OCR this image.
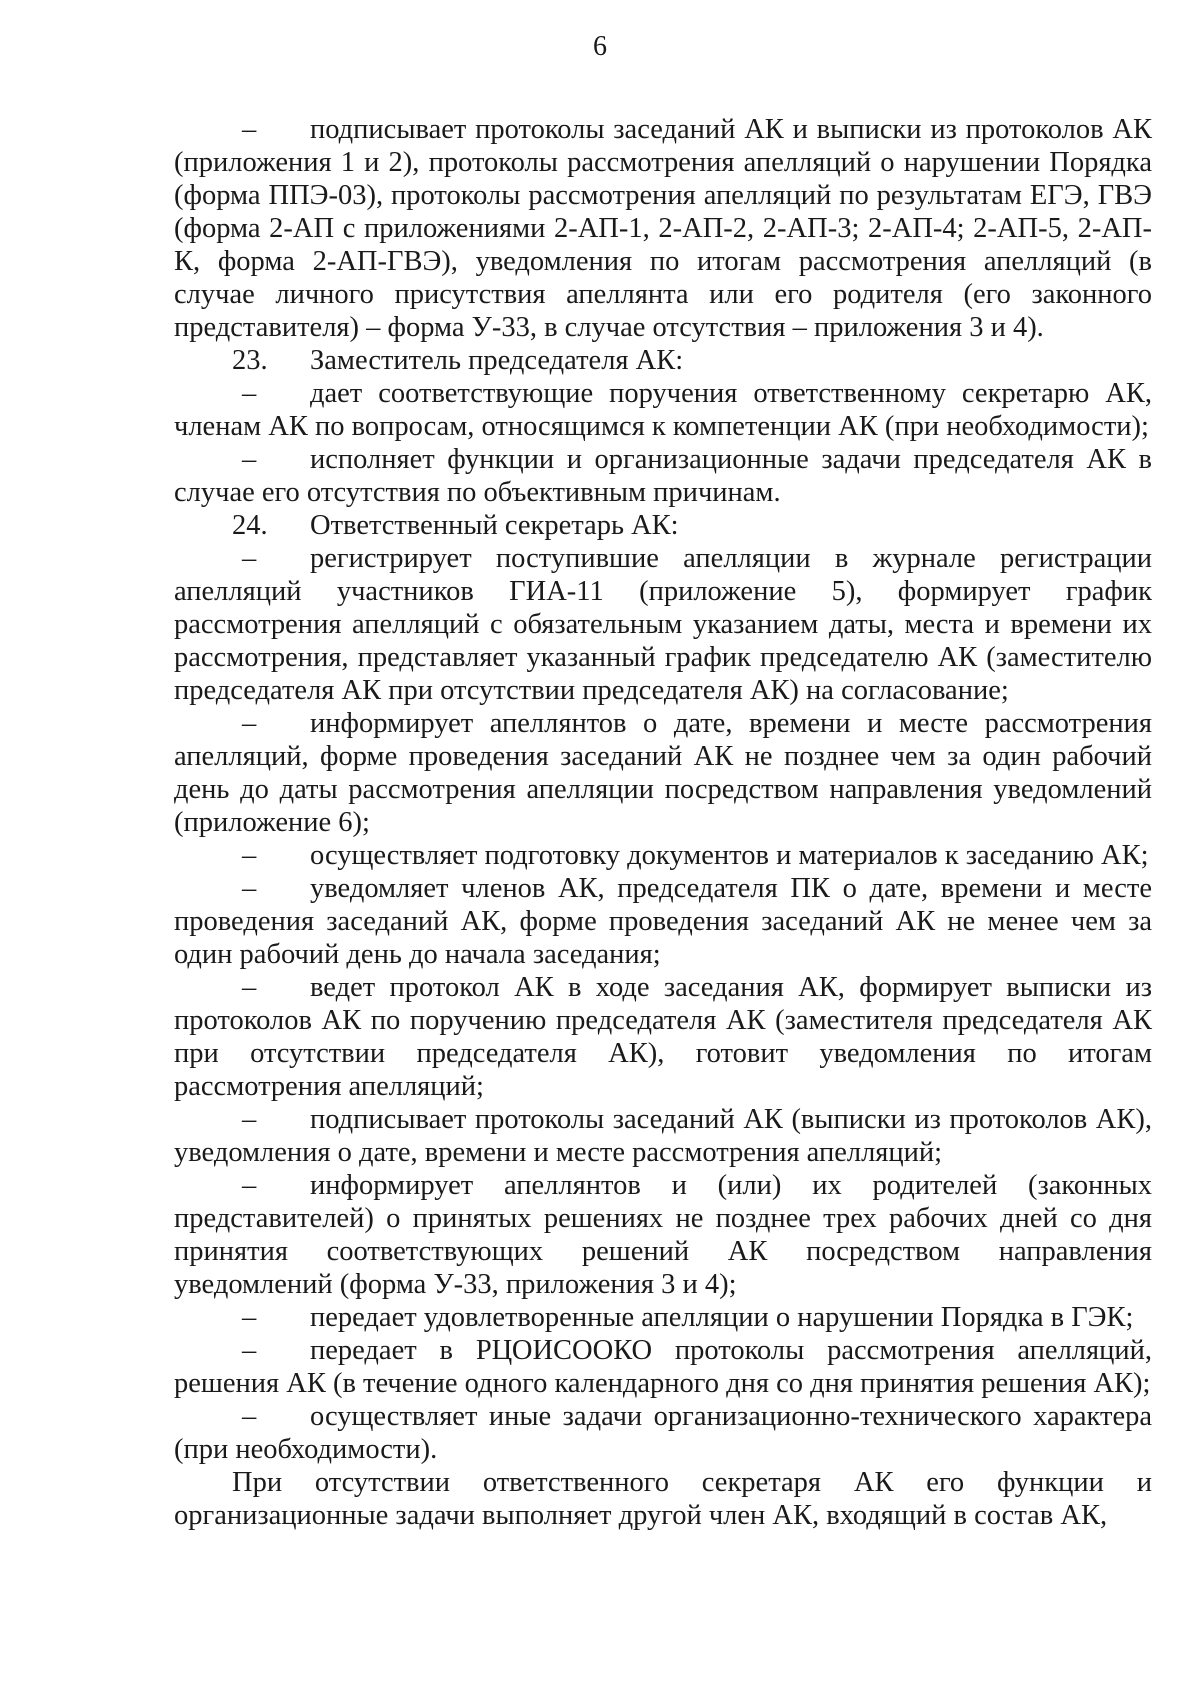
6

– подписывает протоколы заседаний АК и выписки из протоколов АК (приложения 1 и 2), протоколы рассмотрения апелляций о нарушении Порядка (форма ППЭ-03), протоколы рассмотрения апелляций по результатам ЕГЭ, ГВЭ (форма 2-АП с приложениями 2-АП-1, 2-АП-2, 2-АП-3; 2-АП-4; 2-АП-5, 2-АП-К, форма 2-АП-ГВЭ), уведомления по итогам рассмотрения апелляций (в случае личного присутствия апеллянта или его родителя (его законного представителя) – форма У-33, в случае отсутствия – приложения 3 и 4).

23. Заместитель председателя АК:

– дает соответствующие поручения ответственному секретарю АК, членам АК по вопросам, относящимся к компетенции АК (при необходимости);

– исполняет функции и организационные задачи председателя АК в случае его отсутствия по объективным причинам.

24. Ответственный секретарь АК:

– регистрирует поступившие апелляции в журнале регистрации апелляций участников ГИА-11 (приложение 5), формирует график рассмотрения апелляций с обязательным указанием даты, места и времени их рассмотрения, представляет указанный график председателю АК (заместителю председателя АК при отсутствии председателя АК) на согласование;

– информирует апеллянтов о дате, времени и месте рассмотрения апелляций, форме проведения заседаний АК не позднее чем за один рабочий день до даты рассмотрения апелляции посредством направления уведомлений (приложение 6);

– осуществляет подготовку документов и материалов к заседанию АК;

– уведомляет членов АК, председателя ПК о дате, времени и месте проведения заседаний АК, форме проведения заседаний АК не менее чем за один рабочий день до начала заседания;

– ведет протокол АК в ходе заседания АК, формирует выписки из протоколов АК по поручению председателя АК (заместителя председателя АК при отсутствии председателя АК), готовит уведомления по итогам рассмотрения апелляций;

– подписывает протоколы заседаний АК (выписки из протоколов АК), уведомления о дате, времени и месте рассмотрения апелляций;

– информирует апеллянтов и (или) их родителей (законных представителей) о принятых решениях не позднее трех рабочих дней со дня принятия соответствующих решений АК посредством направления уведомлений (форма У-33, приложения 3 и 4);

– передает удовлетворенные апелляции о нарушении Порядка в ГЭК;

– передает в РЦОИСООКО протоколы рассмотрения апелляций, решения АК (в течение одного календарного дня со дня принятия решения АК);

– осуществляет иные задачи организационно-технического характера (при необходимости).

При отсутствии ответственного секретаря АК его функции и организационные задачи выполняет другой член АК, входящий в состав АК,
